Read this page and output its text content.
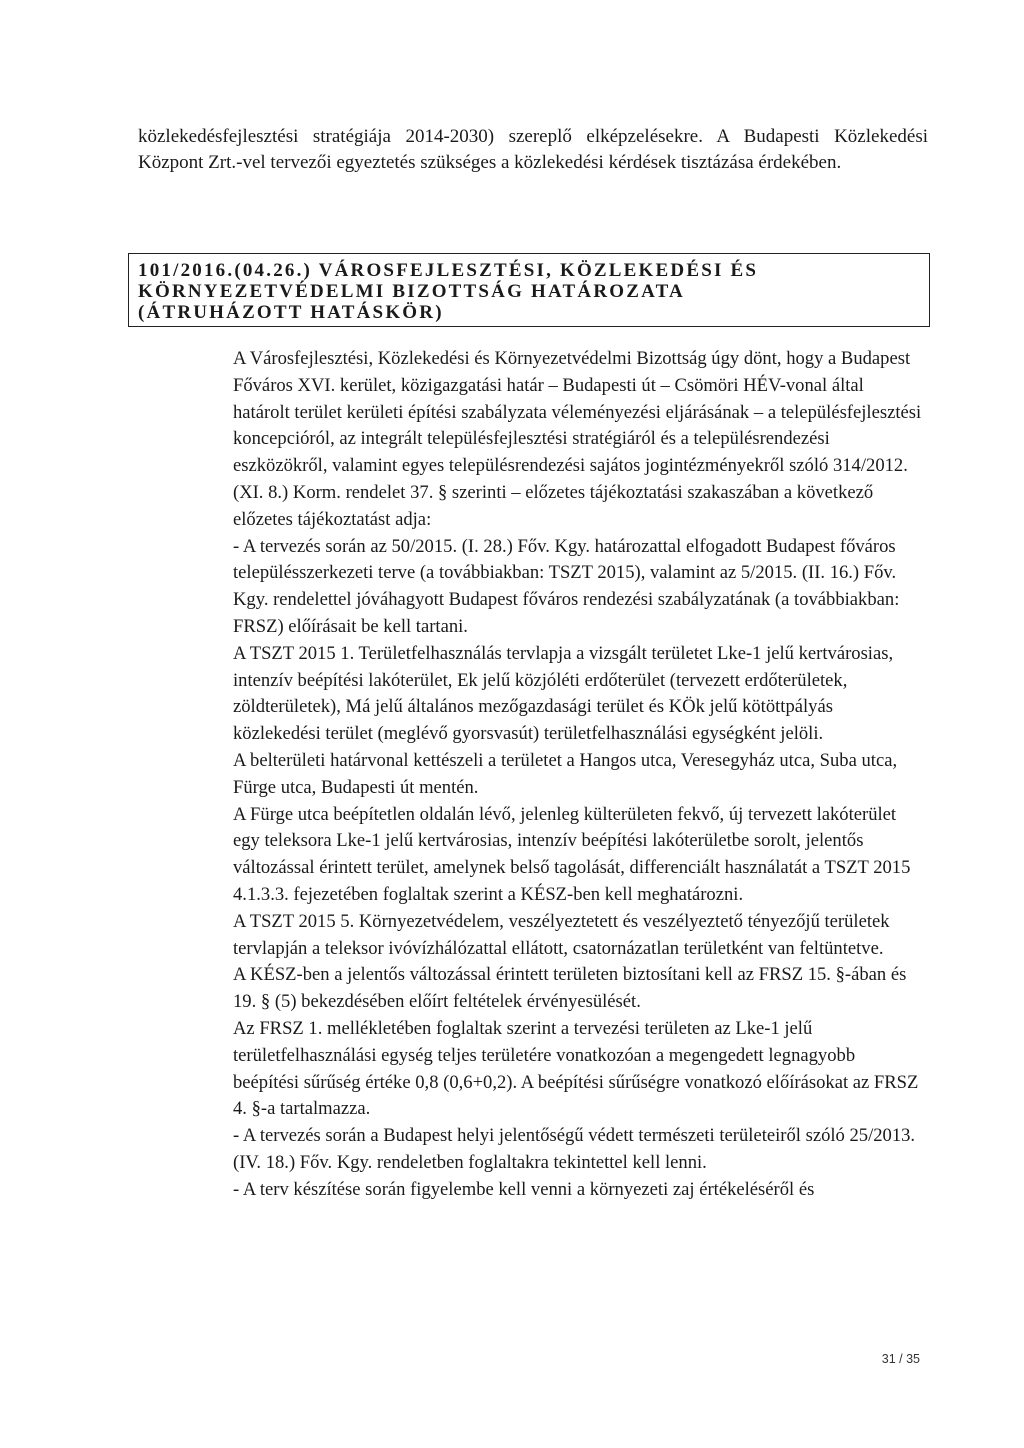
közlekedésfejlesztési stratégiája 2014-2030) szereplő elképzelésekre. A Budapesti Közlekedési Központ Zrt.-vel tervezői egyeztetés szükséges a közlekedési kérdések tisztázása érdekében.

101/2016.(04.26.) VÁROSFEJLESZTÉSI, KÖZLEKEDÉSI ÉS
KÖRNYEZETVÉDELMI BIZOTTSÁG HATÁROZATA
(ÁTRUHÁZOTT HATÁSKÖR)

A Városfejlesztési, Közlekedési és Környezetvédelmi Bizottság úgy dönt, hogy a Budapest Főváros XVI. kerület, közigazgatási határ – Budapesti út – Csömöri HÉV-vonal által határolt terület kerületi építési szabályzata véleményezési eljárásának – a településfejlesztési koncepcióról, az integrált településfejlesztési stratégiáról és a településrendezési eszközökről, valamint egyes településrendezési sajátos jogintézményekről szóló 314/2012. (XI. 8.) Korm. rendelet 37. § szerinti – előzetes tájékoztatási szakaszában a következő előzetes tájékoztatást adja:

- A tervezés során az 50/2015. (I. 28.) Főv. Kgy. határozattal elfogadott Budapest főváros településszerkezeti terve (a továbbiakban: TSZT 2015), valamint az 5/2015. (II. 16.) Főv. Kgy. rendelettel jóváhagyott Budapest főváros rendezési szabályzatának (a továbbiakban: FRSZ) előírásait be kell tartani.

A TSZT 2015 1. Területfelhasználás tervlapja a vizsgált területet Lke-1 jelű kertvárosias, intenzív beépítési lakóterület, Ek jelű közjóléti erdőterület (tervezett erdőterületek, zöldterületek), Má jelű általános mezőgazdasági terület és KÖk jelű kötöttpályás közlekedési terület (meglévő gyorsvasút) területfelhasználási egységként jelöli.

A belterületi határvonal kettészeli a területet a Hangos utca, Veresegyház utca, Suba utca, Fürge utca, Budapesti út mentén.

A Fürge utca beépítetlen oldalán lévő, jelenleg külterületen fekvő, új tervezett lakóterület egy teleksora Lke-1 jelű kertvárosias, intenzív beépítési lakóterületbe sorolt, jelentős változással érintett terület, amelynek belső tagolását, differenciált használatát a TSZT 2015 4.1.3.3. fejezetében foglaltak szerint a KÉSZ-ben kell meghatározni.

A TSZT 2015 5. Környezetvédelem, veszélyeztetett és veszélyeztető tényezőjű területek tervlapján a teleksor ivóvízhálózattal ellátott, csatornázatlan területként van feltüntetve.

A KÉSZ-ben a jelentős változással érintett területen biztosítani kell az FRSZ 15. §-ában és 19. § (5) bekezdésében előírt feltételek érvényesülését.

Az FRSZ 1. mellékletében foglaltak szerint a tervezési területen az Lke-1 jelű területfelhasználási egység teljes területére vonatkozóan a megengedett legnagyobb beépítési sűrűség értéke 0,8 (0,6+0,2). A beépítési sűrűségre vonatkozó előírásokat az FRSZ 4. §-a tartalmazza.

- A tervezés során a Budapest helyi jelentőségű védett természeti területeiről szóló 25/2013. (IV. 18.) Főv. Kgy. rendeletben foglaltakra tekintettel kell lenni.

- A terv készítése során figyelembe kell venni a környezeti zaj értékeléséről és

31 / 35
